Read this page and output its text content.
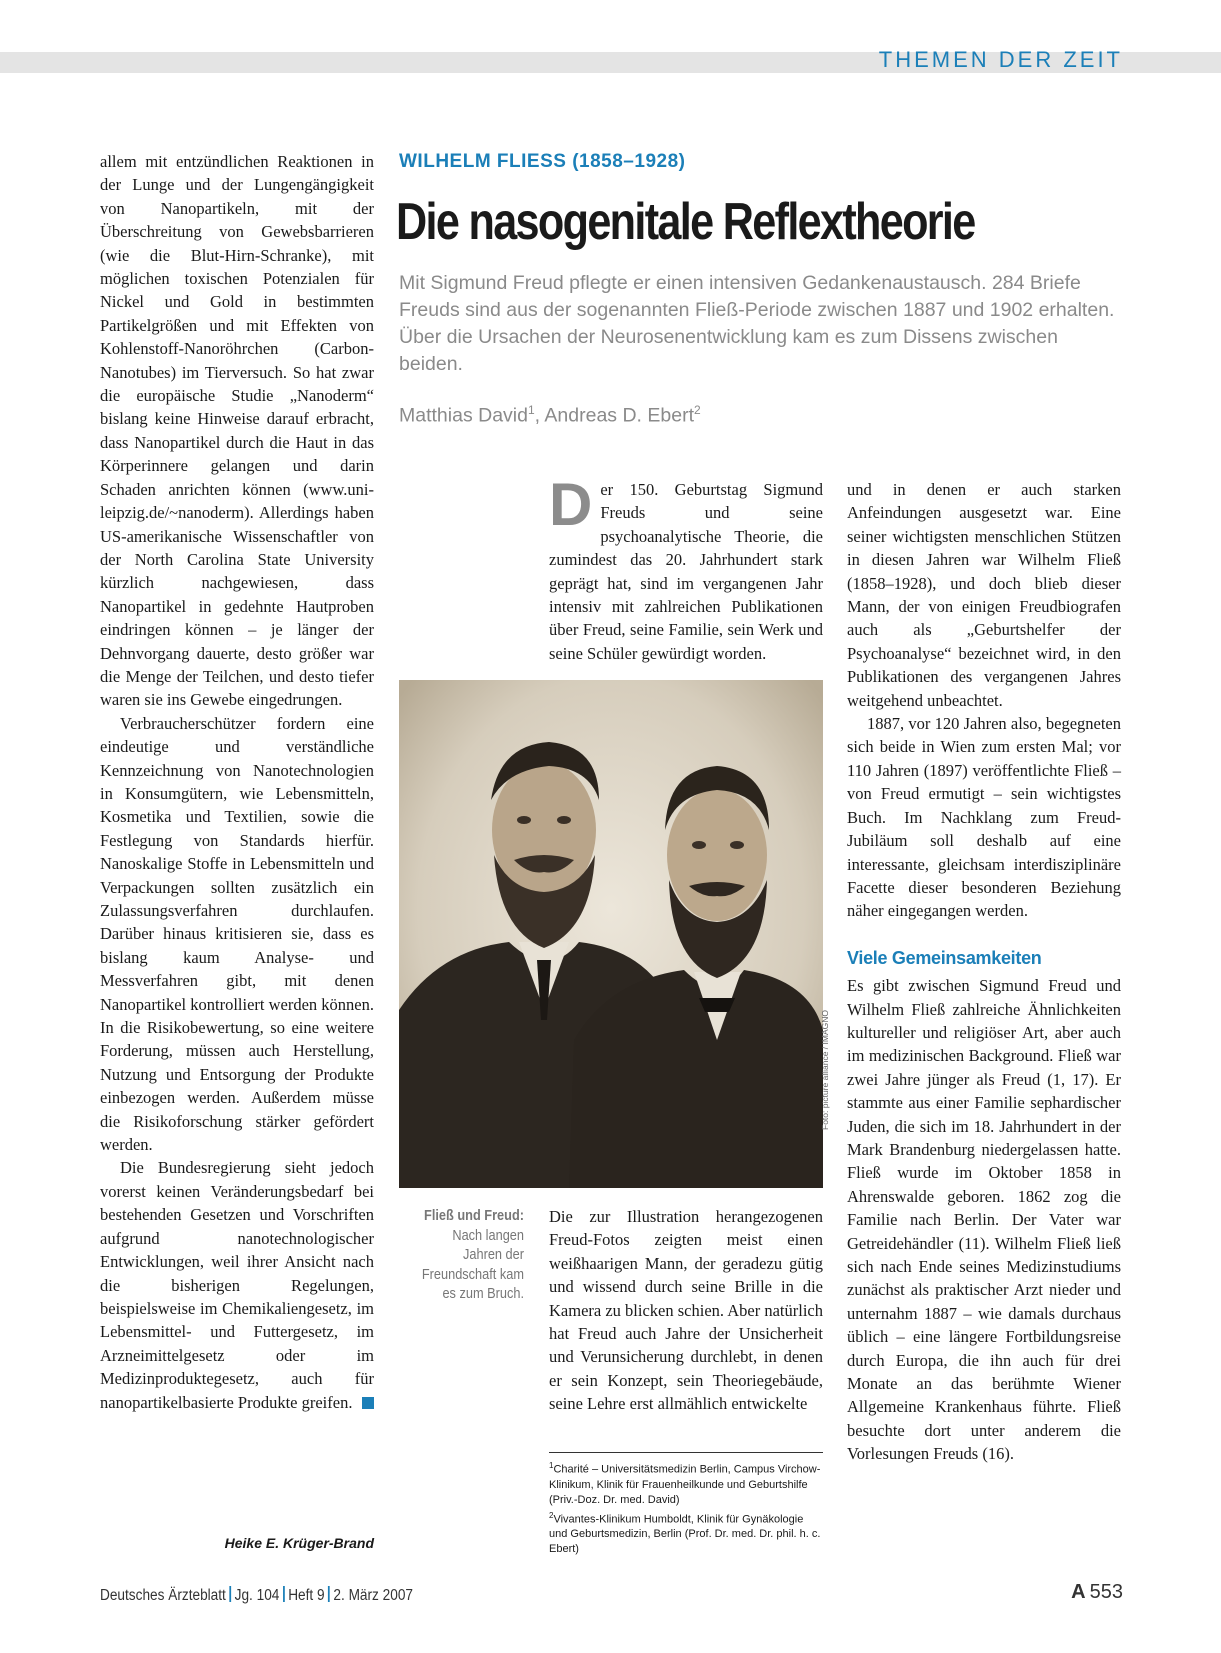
THEMEN DER ZEIT

allem mit entzündlichen Reaktionen in der Lunge und der Lungengängigkeit von Nanopartikeln, mit der Überschreitung von Gewebsbarrieren (wie die Blut-Hirn-Schranke), mit möglichen toxischen Potenzialen für Nickel und Gold in bestimmten Partikelgrößen und mit Effekten von Kohlenstoff-Nanoröhrchen (Carbon-Nanotubes) im Tierversuch. So hat zwar die europäische Studie „Nanoderm“ bislang keine Hinweise darauf erbracht, dass Nanopartikel durch die Haut in das Körperinnere gelangen und darin Schaden anrichten können (www.uni-leipzig.de/~nanoderm). Allerdings haben US-amerikanische Wissenschaftler von der North Carolina State University kürzlich nachgewiesen, dass Nanopartikel in gedehnte Hautproben eindringen können – je länger der Dehnvorgang dauerte, desto größer war die Menge der Teilchen, und desto tiefer waren sie ins Gewebe eingedrungen.

Verbraucherschützer fordern eine eindeutige und verständliche Kennzeichnung von Nanotechnologien in Konsumgütern, wie Lebensmitteln, Kosmetika und Textilien, sowie die Festlegung von Standards hierfür. Nanoskalige Stoffe in Lebensmitteln und Verpackungen sollten zusätzlich ein Zulassungsverfahren durchlaufen. Darüber hinaus kritisieren sie, dass es bislang kaum Analyse- und Messverfahren gibt, mit denen Nanopartikel kontrolliert werden können. In die Risikobewertung, so eine weitere Forderung, müssen auch Herstellung, Nutzung und Entsorgung der Produkte einbezogen werden. Außerdem müsse die Risikoforschung stärker gefördert werden.

Die Bundesregierung sieht jedoch vorerst keinen Veränderungsbedarf bei bestehenden Gesetzen und Vorschriften aufgrund nanotechnologischer Entwicklungen, weil ihrer Ansicht nach die bisherigen Regelungen, beispielsweise im Chemikaliengesetz, im Lebensmittel- und Futtergesetz, im Arzneimittelgesetz oder im Medizinproduktegesetz, auch für nanopartikelbasierte Produkte greifen.

Heike E. Krüger-Brand
WILHELM FLIESS (1858–1928)
Die nasogenitale Reflextheorie
Mit Sigmund Freud pflegte er einen intensiven Gedankenaustausch. 284 Briefe Freuds sind aus der sogenannten Fließ-Periode zwischen 1887 und 1902 erhalten. Über die Ursachen der Neurosenentwicklung kam es zum Dissens zwischen beiden.
Matthias David$^1$, Andreas D. Ebert$^2$

Der 150. Geburtstag Sigmund Freuds und seine psychoanalytische Theorie, die zumindest das 20. Jahrhundert stark geprägt hat, sind im vergangenen Jahr intensiv mit zahlreichen Publikationen über Freud, seine Familie, sein Werk und seine Schüler gewürdigt worden.

Foto: picture alliance / IMAGNO
Fließ und Freud:
Nach langen Jahren der Freundschaft kam es zum Bruch.

Die zur Illustration herangezogenen Freud-Fotos zeigten meist einen weißhaarigen Mann, der geradezu gütig und wissend durch seine Brille in die Kamera zu blicken schien. Aber natürlich hat Freud auch Jahre der Unsicherheit und Verunsicherung durchlebt, in denen er sein Konzept, sein Theoriegebäude, seine Lehre erst allmählich entwickelte

$^1$Charité – Universitätsmedizin Berlin, Campus Virchow-Klinikum, Klinik für Frauenheilkunde und Geburtshilfe (Priv.-Doz. Dr. med. David)

$^2$Vivantes-Klinikum Humboldt, Klinik für Gynäkologie und Geburtsmedizin, Berlin (Prof. Dr. med. Dr. phil. h. c. Ebert)

und in denen er auch starken Anfeindungen ausgesetzt war. Eine seiner wichtigsten menschlichen Stützen in diesen Jahren war Wilhelm Fließ (1858–1928), und doch blieb dieser Mann, der von einigen Freudbiografen auch als „Geburtshelfer der Psychoanalyse“ bezeichnet wird, in den Publikationen des vergangenen Jahres weitgehend unbeachtet.

1887, vor 120 Jahren also, begegneten sich beide in Wien zum ersten Mal; vor 110 Jahren (1897) veröffentlichte Fließ – von Freud ermutigt – sein wichtigstes Buch. Im Nachklang zum Freud-Jubiläum soll deshalb auf eine interessante, gleichsam interdisziplinäre Facette dieser besonderen Beziehung näher eingegangen werden.

Viele Gemeinsamkeiten

Es gibt zwischen Sigmund Freud und Wilhelm Fließ zahlreiche Ähnlichkeiten kultureller und religiöser Art, aber auch im medizinischen Background. Fließ war zwei Jahre jünger als Freud (1, 17). Er stammte aus einer Familie sephardischer Juden, die sich im 18. Jahrhundert in der Mark Brandenburg niedergelassen hatte. Fließ wurde im Oktober 1858 in Ahrenswalde geboren. 1862 zog die Familie nach Berlin. Der Vater war Getreidehändler (11). Wilhelm Fließ ließ sich nach Ende seines Medizinstudiums zunächst als praktischer Arzt nieder und unternahm 1887 – wie damals durchaus üblich – eine längere Fortbildungsreise durch Europa, die ihn auch für drei Monate an das berühmte Wiener Allgemeine Krankenhaus führte. Fließ besuchte dort unter anderem die Vorlesungen Freuds (16).

Deutsches Ärzteblatt Jg. 104 Heft 9 2. März 2007	A 553
